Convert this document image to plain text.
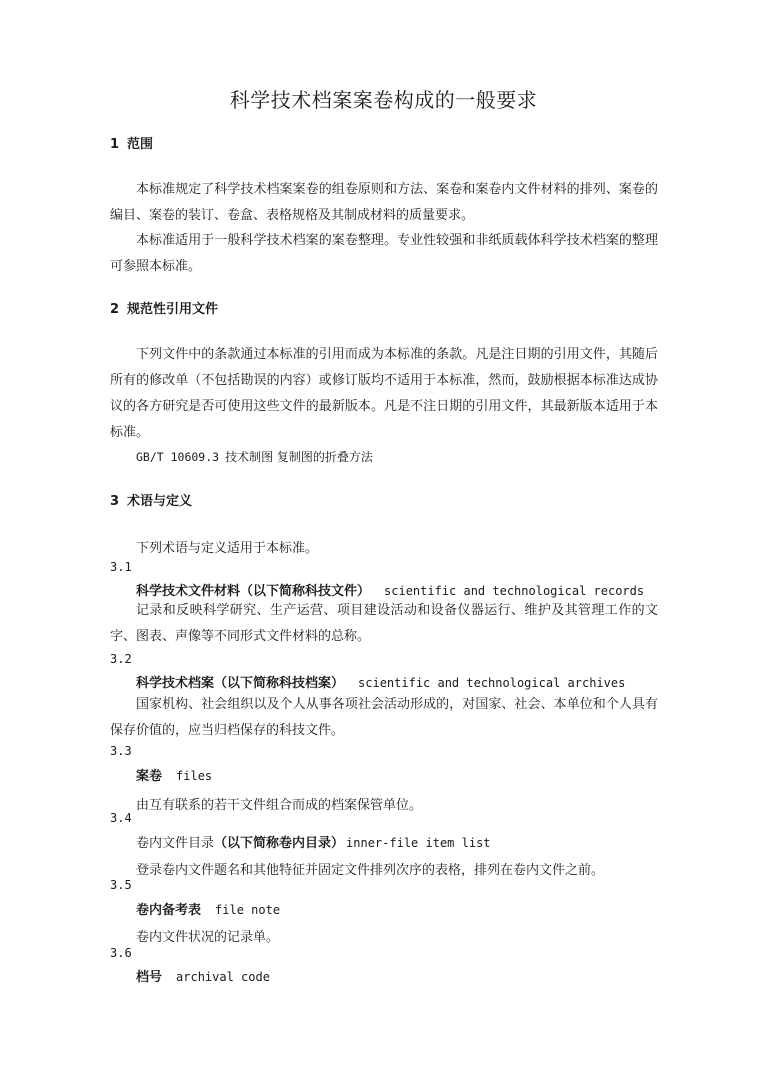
科学技术档案案卷构成的一般要求
1 范围
本标准规定了科学技术档案案卷的组卷原则和方法、案卷和案卷内文件材料的排列、案卷的编目、案卷的装订、卷盒、表格规格及其制成材料的质量要求。
本标准适用于一般科学技术档案的案卷整理。专业性较强和非纸质载体科学技术档案的整理可参照本标准。
2 规范性引用文件
下列文件中的条款通过本标准的引用而成为本标准的条款。凡是注日期的引用文件，其随后所有的修改单（不包括勘误的内容）或修订版均不适用于本标准，然而，鼓励根据本标准达成协议的各方研究是否可使用这些文件的最新版本。凡是不注日期的引用文件，其最新版本适用于本标准。
GB/T 10609.3 技术制图 复制图的折叠方法
3 术语与定义
下列术语与定义适用于本标准。
3.1
科学技术文件材料（以下简称科技文件） scientific and technological records
记录和反映科学研究、生产运营、项目建设活动和设备仪器运行、维护及其管理工作的文字、图表、声像等不同形式文件材料的总称。
3.2
科学技术档案（以下简称科技档案） scientific and technological archives
国家机构、社会组织以及个人从事各项社会活动形成的，对国家、社会、本单位和个人具有保存价值的，应当归档保存的科技文件。
3.3
案卷 files
由互有联系的若干文件组合而成的档案保管单位。
3.4
卷内文件目录（以下简称卷内目录） inner-file item list
登录卷内文件题名和其他特征并固定文件排列次序的表格，排列在卷内文件之前。
3.5
卷内备考表 file note
卷内文件状况的记录单。
3.6
档号 archival code
